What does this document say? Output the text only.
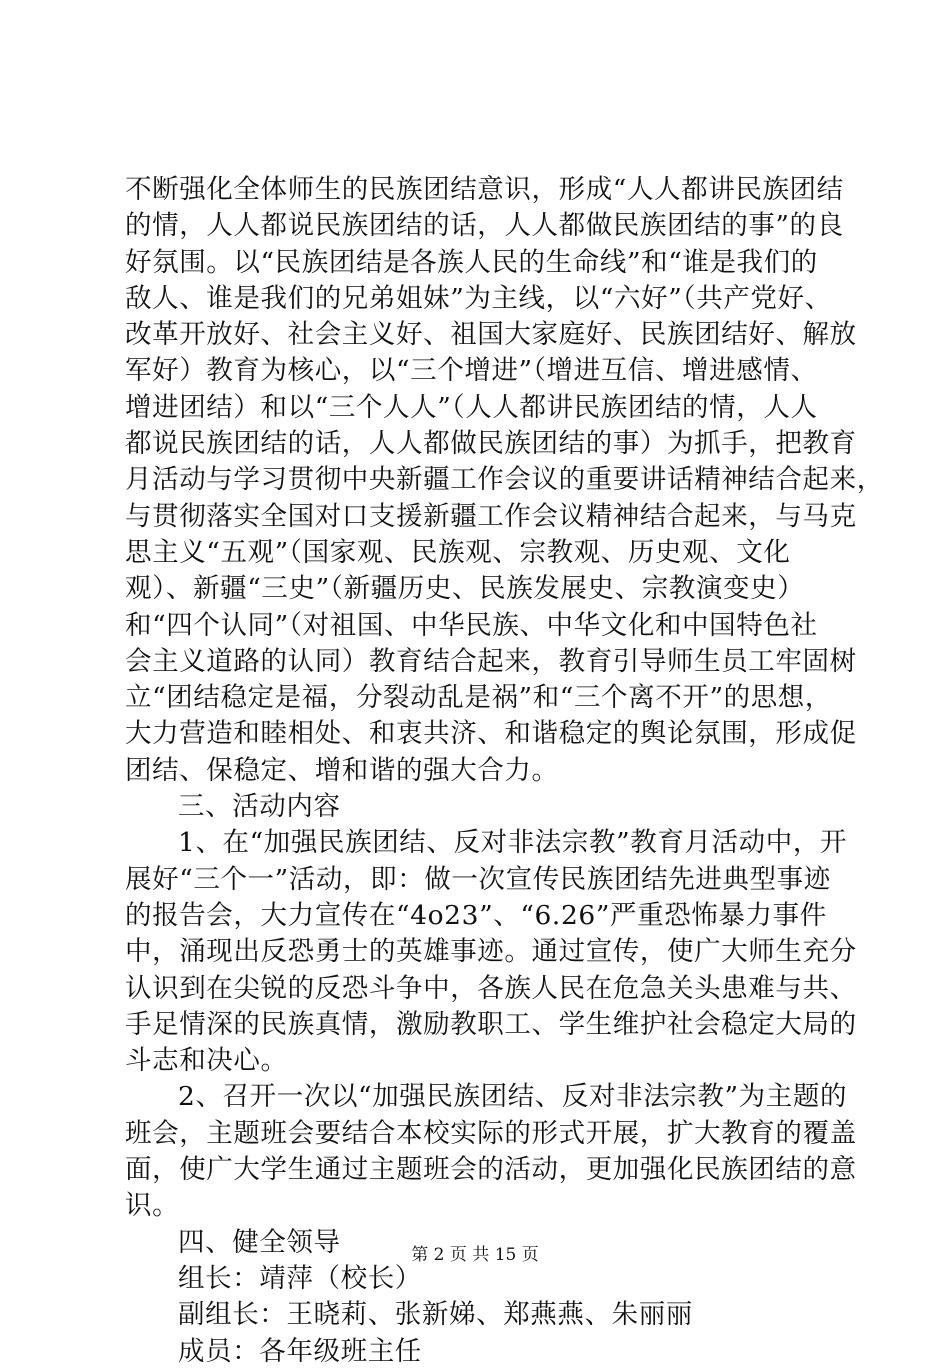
不断强化全体师生的民族团结意识，形成“人人都讲民族团结
的情，人人都说民族团结的话，人人都做民族团结的事”的良
好氛围。以“民族团结是各族人民的生命线”和“谁是我们的
敌人、谁是我们的兄弟姐妹”为主线，以“六好”（共产党好、
改革开放好、社会主义好、祖国大家庭好、民族团结好、解放
军好）教育为核心，以“三个增进”（增进互信、增进感情、
增进团结）和以“三个人人”（人人都讲民族团结的情，人人
都说民族团结的话，人人都做民族团结的事）为抓手，把教育
月活动与学习贯彻中央新疆工作会议的重要讲话精神结合起来，
与贯彻落实全国对口支援新疆工作会议精神结合起来，与马克
思主义“五观”（国家观、民族观、宗教观、历史观、文化
观）、新疆“三史”（新疆历史、民族发展史、宗教演变史）
和“四个认同”（对祖国、中华民族、中华文化和中国特色社
会主义道路的认同）教育结合起来，教育引导师生员工牢固树
立“团结稳定是福，分裂动乱是祸”和“三个离不开”的思想，
大力营造和睦相处、和衷共济、和谐稳定的舆论氛围，形成促
团结、保稳定、增和谐的强大合力。
三、活动内容
1、在“加强民族团结、反对非法宗教”教育月活动中，开
展好“三个一”活动，即：做一次宣传民族团结先进典型事迹
的报告会，大力宣传在“4o23”、“6.26”严重恐怖暴力事件
中，涌现出反恐勇士的英雄事迹。通过宣传，使广大师生充分
认识到在尖锐的反恐斗争中，各族人民在危急关头患难与共、
手足情深的民族真情，激励教职工、学生维护社会稳定大局的
斗志和决心。
2、召开一次以“加强民族团结、反对非法宗教”为主题的
班会，主题班会要结合本校实际的形式开展，扩大教育的覆盖
面，使广大学生通过主题班会的活动，更加强化民族团结的意
识。
四、健全领导
组长：靖萍（校长）
副组长：王晓莉、张新娣、郑燕燕、朱丽丽
成员：各年级班主任
第 2 页 共 15 页
